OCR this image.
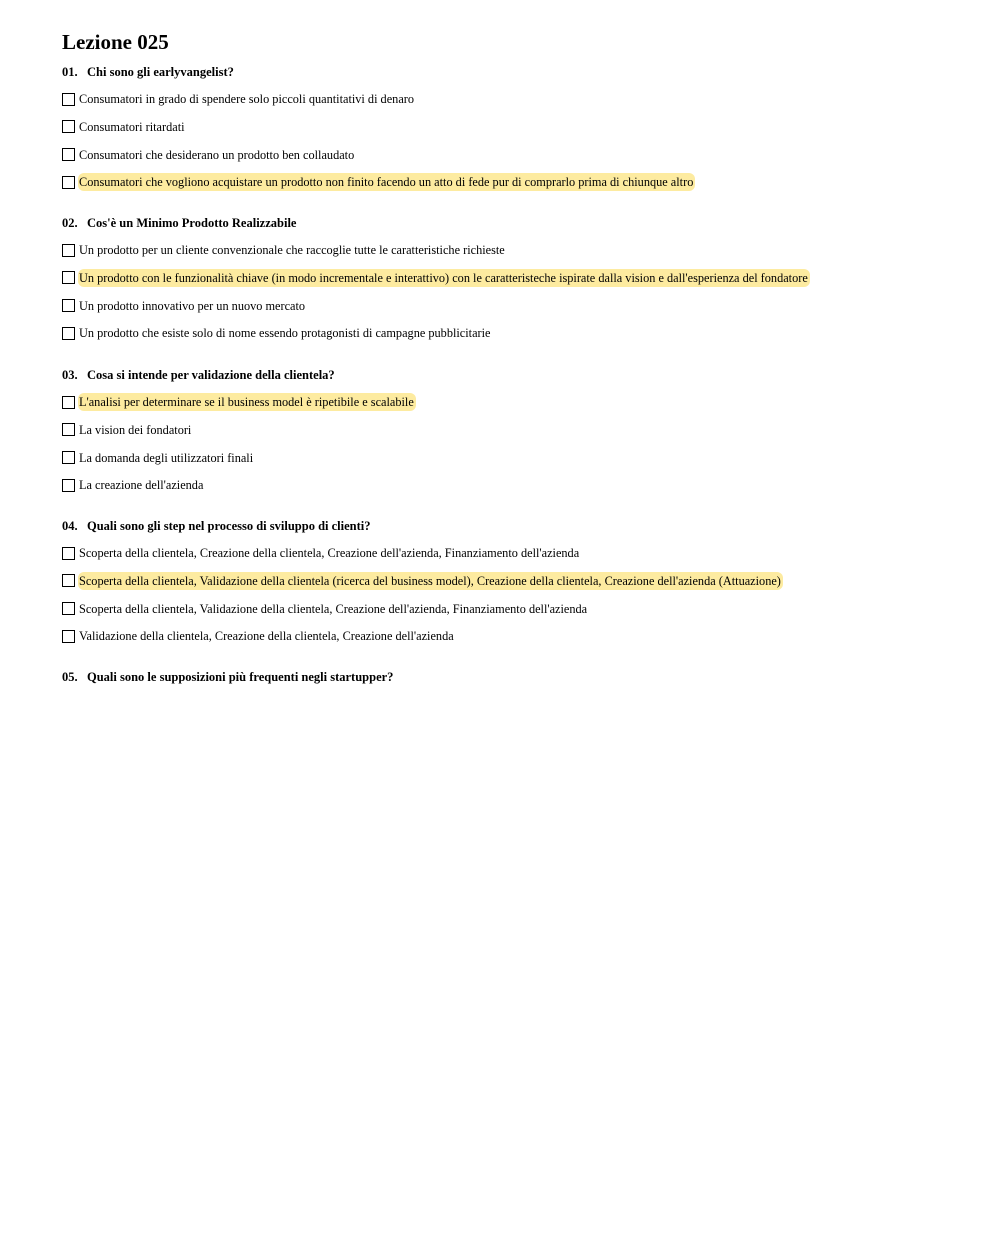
Lezione 025
01. Chi sono gli earlyvangelist?
Consumatori in grado di spendere solo piccoli quantitativi di denaro
Consumatori ritardati
Consumatori che desiderano un prodotto ben collaudato
Consumatori che vogliono acquistare un prodotto non finito facendo un atto di fede pur di comprarlo prima di chiunque altro
02. Cos'è un Minimo Prodotto Realizzabile
Un prodotto per un cliente convenzionale che raccoglie tutte le caratteristiche richieste
Un prodotto con le funzionalità chiave (in modo incrementale e interattivo) con le caratteristeche ispirate dalla vision e dall'esperienza del fondatore
Un prodotto innovativo per un nuovo mercato
Un prodotto che esiste solo di nome essendo protagonisti di campagne pubblicitarie
03. Cosa si intende per validazione della clientela?
L'analisi per determinare se il business model è ripetibile e scalabile
La vision dei fondatori
La domanda degli utilizzatori finali
La creazione dell'azienda
04. Quali sono gli step nel processo di sviluppo di clienti?
Scoperta della clientela, Creazione della clientela, Creazione dell'azienda, Finanziamento dell'azienda
Scoperta della clientela, Validazione della clientela (ricerca del business model), Creazione della clientela, Creazione dell'azienda (Attuazione)
Scoperta della clientela, Validazione della clientela, Creazione dell'azienda, Finanziamento dell'azienda
Validazione della clientela, Creazione della clientela, Creazione dell'azienda
05. Quali sono le supposizioni più frequenti negli startupper?
